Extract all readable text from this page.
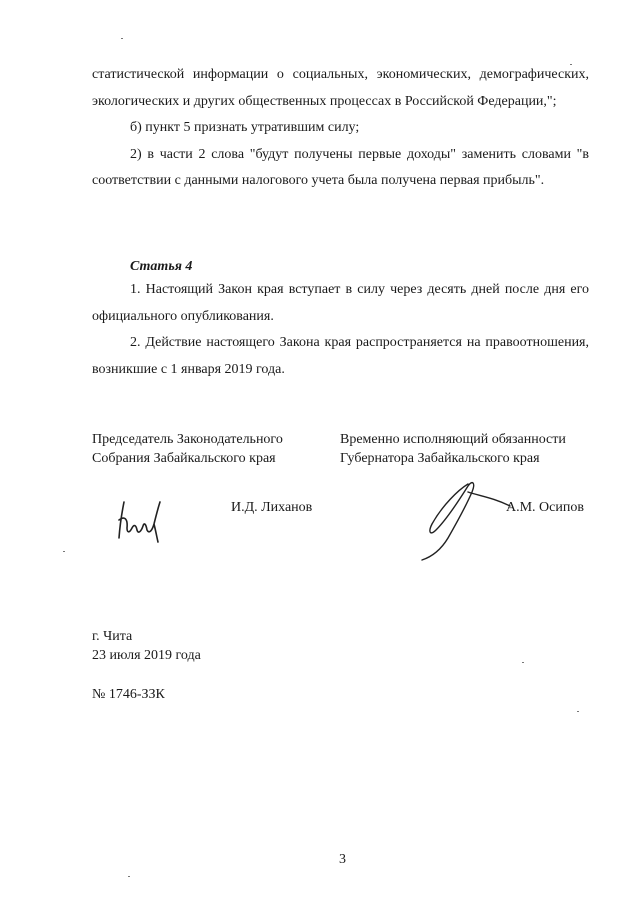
статистической информации о социальных, экономических, демографических, экологических и других общественных процессах в Российской Федерации,";

б) пункт 5 признать утратившим силу;

2) в части 2 слова "будут получены первые доходы" заменить словами "в соответствии с данными налогового учета была получена первая прибыль".

Статья 4

1. Настоящий Закон края вступает в силу через десять дней после дня его официального опубликования.

2. Действие настоящего Закона края распространяется на правоотношения, возникшие с 1 января 2019 года.

Председатель Законодательного
Собрания Забайкальского края
И.Д. Лиханов
Временно исполняющий обязанности
Губернатора Забайкальского края
А.М. Осипов
г. Чита
23 июля 2019 года
№ 1746-ЗЗК
3
